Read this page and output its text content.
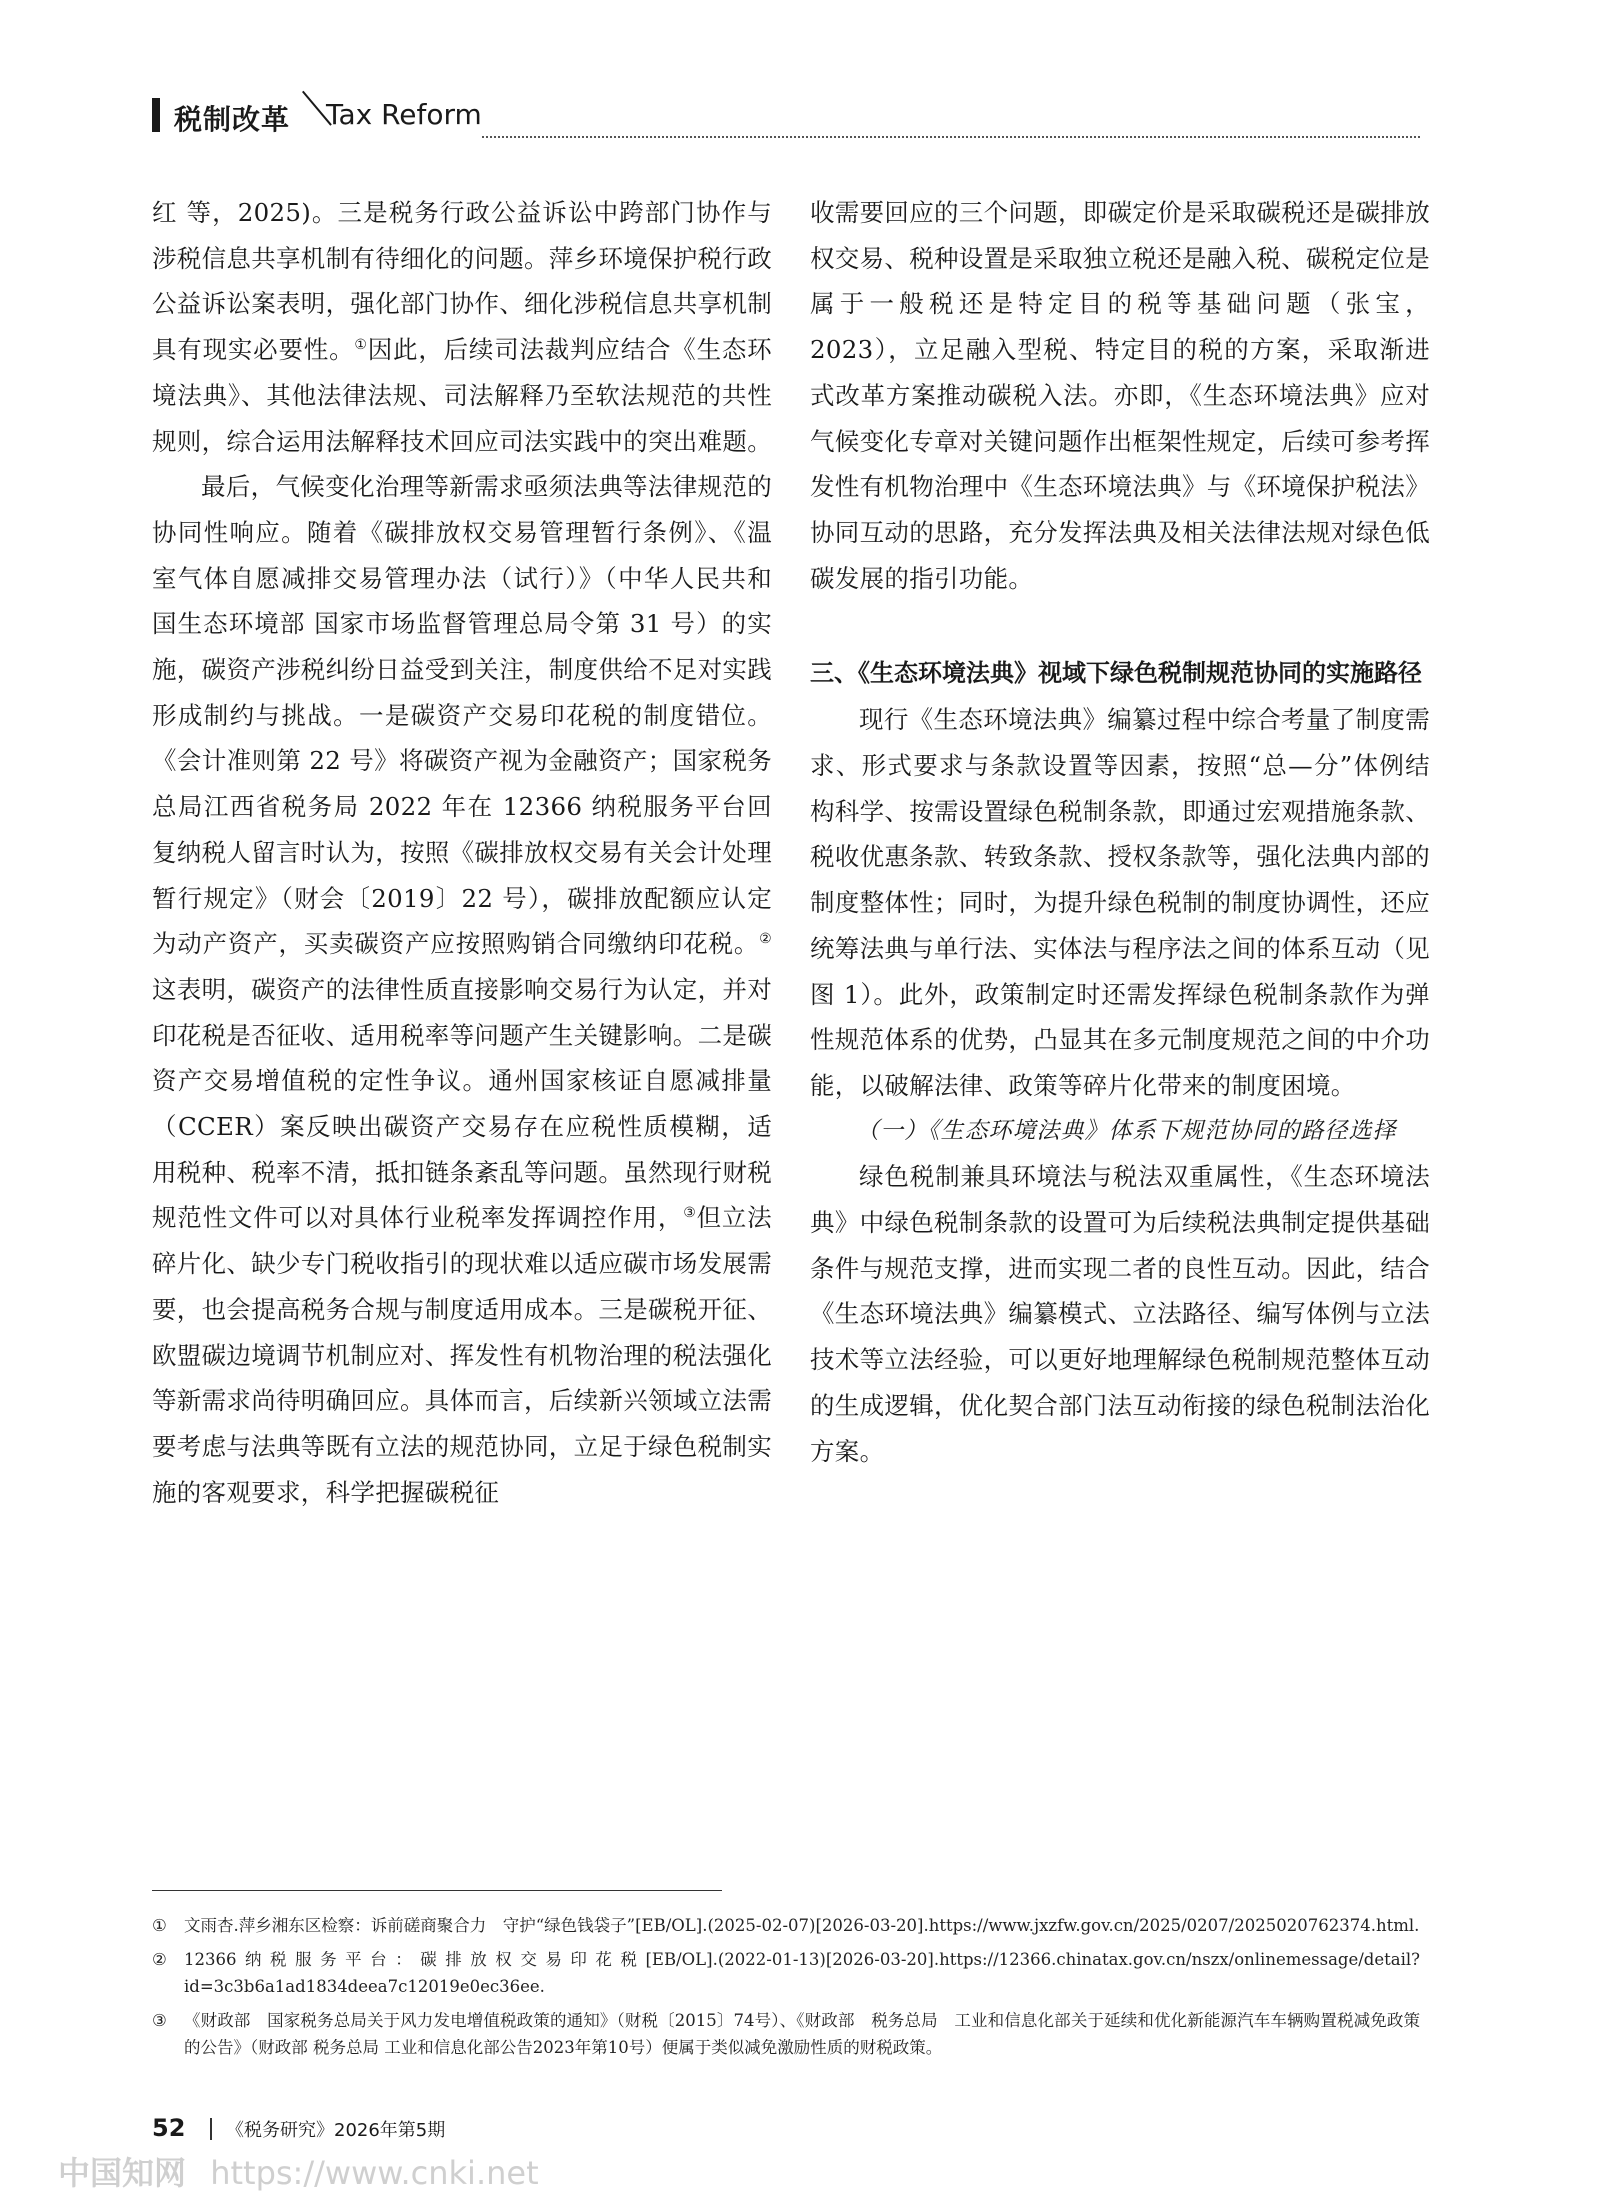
税制改革 Tax Reform

红 等，2025)。三是税务行政公益诉讼中跨部门协作与涉税信息共享机制有待细化的问题。萍乡环境保护税行政公益诉讼案表明，强化部门协作、细化涉税信息共享机制具有现实必要性。①因此，后续司法裁判应结合《生态环境法典》、其他法律法规、司法解释乃至软法规范的共性规则，综合运用法解释技术回应司法实践中的突出难题。

最后，气候变化治理等新需求亟须法典等法律规范的协同性响应。随着《碳排放权交易管理暂行条例》、《温室气体自愿减排交易管理办法（试行）》（中华人民共和国生态环境部 国家市场监督管理总局令第 31 号）的实施，碳资产涉税纠纷日益受到关注，制度供给不足对实践形成制约与挑战。一是碳资产交易印花税的制度错位。《会计准则第 22 号》将碳资产视为金融资产；国家税务总局江西省税务局 2022 年在 12366 纳税服务平台回复纳税人留言时认为，按照《碳排放权交易有关会计处理暂行规定》（财会〔2019〕22 号），碳排放配额应认定为动产资产，买卖碳资产应按照购销合同缴纳印花税。②这表明，碳资产的法律性质直接影响交易行为认定，并对印花税是否征收、适用税率等问题产生关键影响。二是碳资产交易增值税的定性争议。通州国家核证自愿减排量（CCER）案反映出碳资产交易存在应税性质模糊，适用税种、税率不清，抵扣链条紊乱等问题。虽然现行财税规范性文件可以对具体行业税率发挥调控作用，③但立法碎片化、缺少专门税收指引的现状难以适应碳市场发展需要，也会提高税务合规与制度适用成本。三是碳税开征、欧盟碳边境调节机制应对、挥发性有机物治理的税法强化等新需求尚待明确回应。具体而言，后续新兴领域立法需要考虑与法典等既有立法的规范协同，立足于绿色税制实施的客观要求，科学把握碳税征

收需要回应的三个问题，即碳定价是采取碳税还是碳排放权交易、税种设置是采取独立税还是融入税、碳税定位是属于一般税还是特定目的税等基础问题（张宝，2023），立足融入型税、特定目的税的方案，采取渐进式改革方案推动碳税入法。亦即，《生态环境法典》应对气候变化专章对关键问题作出框架性规定，后续可参考挥发性有机物治理中《生态环境法典》与《环境保护税法》协同互动的思路，充分发挥法典及相关法律法规对绿色低碳发展的指引功能。

三、《生态环境法典》视域下绿色税制规范协同的实施路径

现行《生态环境法典》编纂过程中综合考量了制度需求、形式要求与条款设置等因素，按照“总—分”体例结构科学、按需设置绿色税制条款，即通过宏观措施条款、税收优惠条款、转致条款、授权条款等，强化法典内部的制度整体性；同时，为提升绿色税制的制度协调性，还应统筹法典与单行法、实体法与程序法之间的体系互动（见图 1）。此外，政策制定时还需发挥绿色税制条款作为弹性规范体系的优势，凸显其在多元制度规范之间的中介功能，以破解法律、政策等碎片化带来的制度困境。

（一）《生态环境法典》体系下规范协同的路径选择

绿色税制兼具环境法与税法双重属性，《生态环境法典》中绿色税制条款的设置可为后续税法典制定提供基础条件与规范支撑，进而实现二者的良性互动。因此，结合《生态环境法典》编纂模式、立法路径、编写体例与立法技术等立法经验，可以更好地理解绿色税制规范整体互动的生成逻辑，优化契合部门法互动衔接的绿色税制法治化方案。

① 文雨杏.萍乡湘东区检察：诉前磋商聚合力　守护“绿色钱袋子”[EB/OL].(2025-02-07)[2026-03-20].https://www.jxzfw.gov.cn/2025/0207/2025020762374.html.

② 12366纳税服务平台：碳排放权交易印花税[EB/OL].(2022-01-13)[2026-03-20].https://12366.chinatax.gov.cn/nszx/onlinemessage/detail?id=3c3b6a1ad1834deea7c12019e0ec36ee.

③ 《财政部　国家税务总局关于风力发电增值税政策的通知》（财税〔2015〕74号）、《财政部　税务总局　工业和信息化部关于延续和优化新能源汽车车辆购置税减免政策的公告》（财政部 税务总局 工业和信息化部公告2023年第10号）便属于类似减免激励性质的财税政策。

52 《税务研究》2026年第5期
中国知网 https://www.cnki.net
